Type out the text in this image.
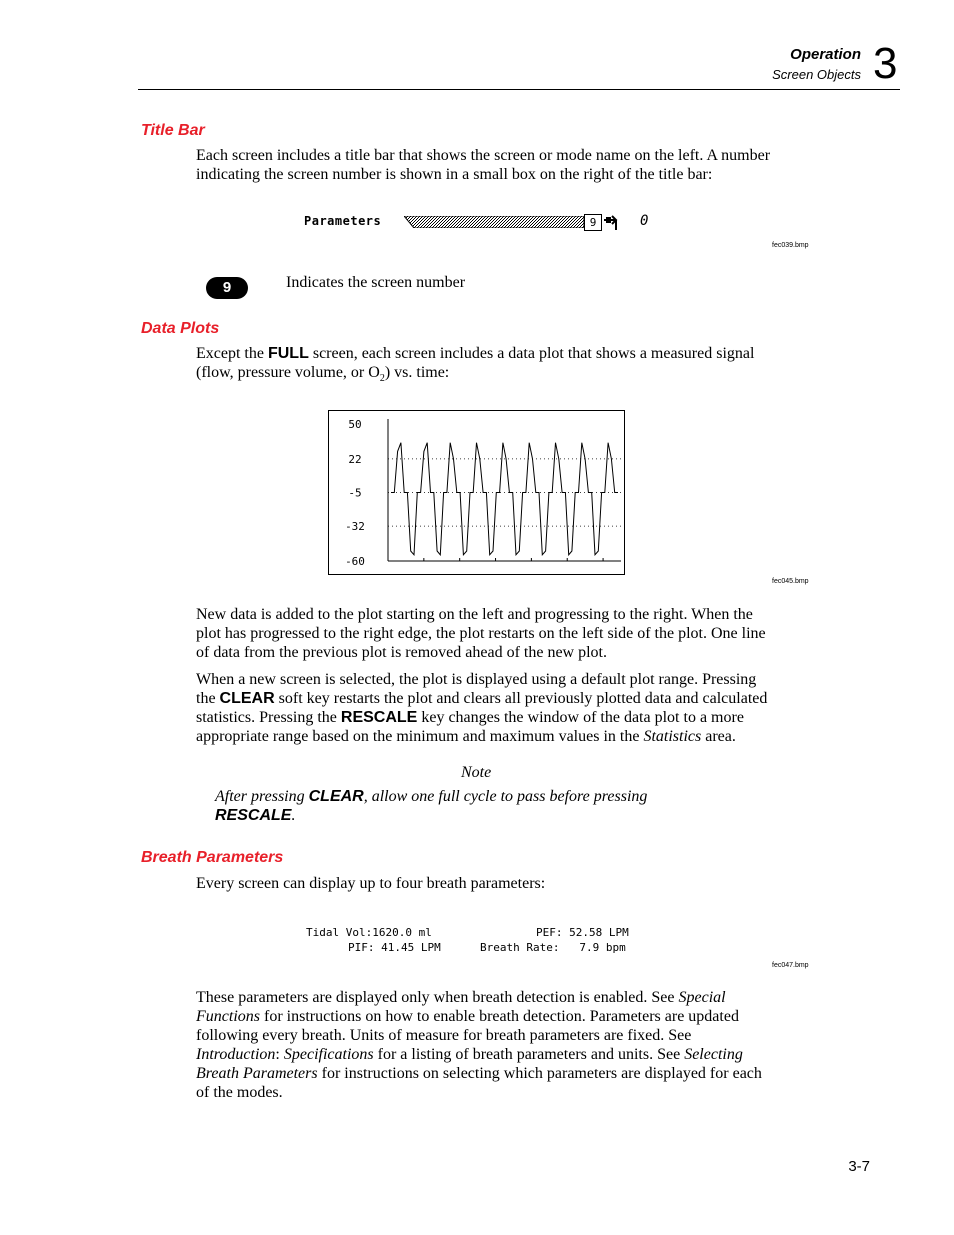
Operation
Screen Objects 3
Title Bar
Each screen includes a title bar that shows the screen or mode name on the left. A number
indicating the screen number is shown in a small box on the right of the title bar:
Parameters	9	0
fec039.bmp
9	Indicates the screen number
Data Plots
Except the FULL screen, each screen includes a data plot that shows a measured signal
(flow, pressure volume, or $O_2$) vs. time:
50
22
-5
-32
-60
fec045.bmp
New data is added to the plot starting on the left and progressing to the right. When the
plot has progressed to the right edge, the plot restarts on the left side of the plot. One line
of data from the previous plot is removed ahead of the new plot.
When a new screen is selected, the plot is displayed using a default plot range. Pressing
the CLEAR soft key restarts the plot and clears all previously plotted data and calculated
statistics. Pressing the RESCALE key changes the window of the data plot to a more
appropriate range based on the minimum and maximum values in the Statistics area.
Note
After pressing CLEAR, allow one full cycle to pass before pressing
RESCALE.
Breath Parameters
Every screen can display up to four breath parameters:
Tidal Vol:1620.0 ml	PEF: 52.58 LPM
PIF: 41.45 LPM	Breath Rate:   7.9 bpm
fec047.bmp
These parameters are displayed only when breath detection is enabled. See Special
Functions for instructions on how to enable breath detection. Parameters are updated
following every breath. Units of measure for breath parameters are fixed. See
Introduction: Specifications for a listing of breath parameters and units. See Selecting
Breath Parameters for instructions on selecting which parameters are displayed for each
of the modes.
3-7
